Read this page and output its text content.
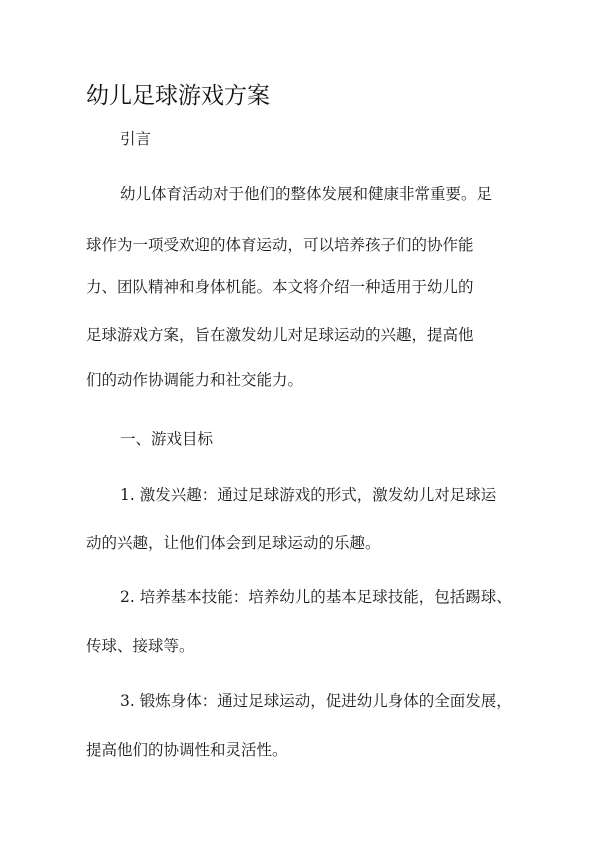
幼儿足球游戏方案

引言

幼儿体育活动对于他们的整体发展和健康非常重要。足

球作为一项受欢迎的体育运动，可以培养孩子们的协作能

力、团队精神和身体机能。本文将介绍一种适用于幼儿的

足球游戏方案，旨在激发幼儿对足球运动的兴趣，提高他

们的动作协调能力和社交能力。

一、游戏目标

1. 激发兴趣：通过足球游戏的形式，激发幼儿对足球运

动的兴趣，让他们体会到足球运动的乐趣。

2. 培养基本技能：培养幼儿的基本足球技能，包括踢球、

传球、接球等。

3. 锻炼身体：通过足球运动，促进幼儿身体的全面发展，

提高他们的协调性和灵活性。
